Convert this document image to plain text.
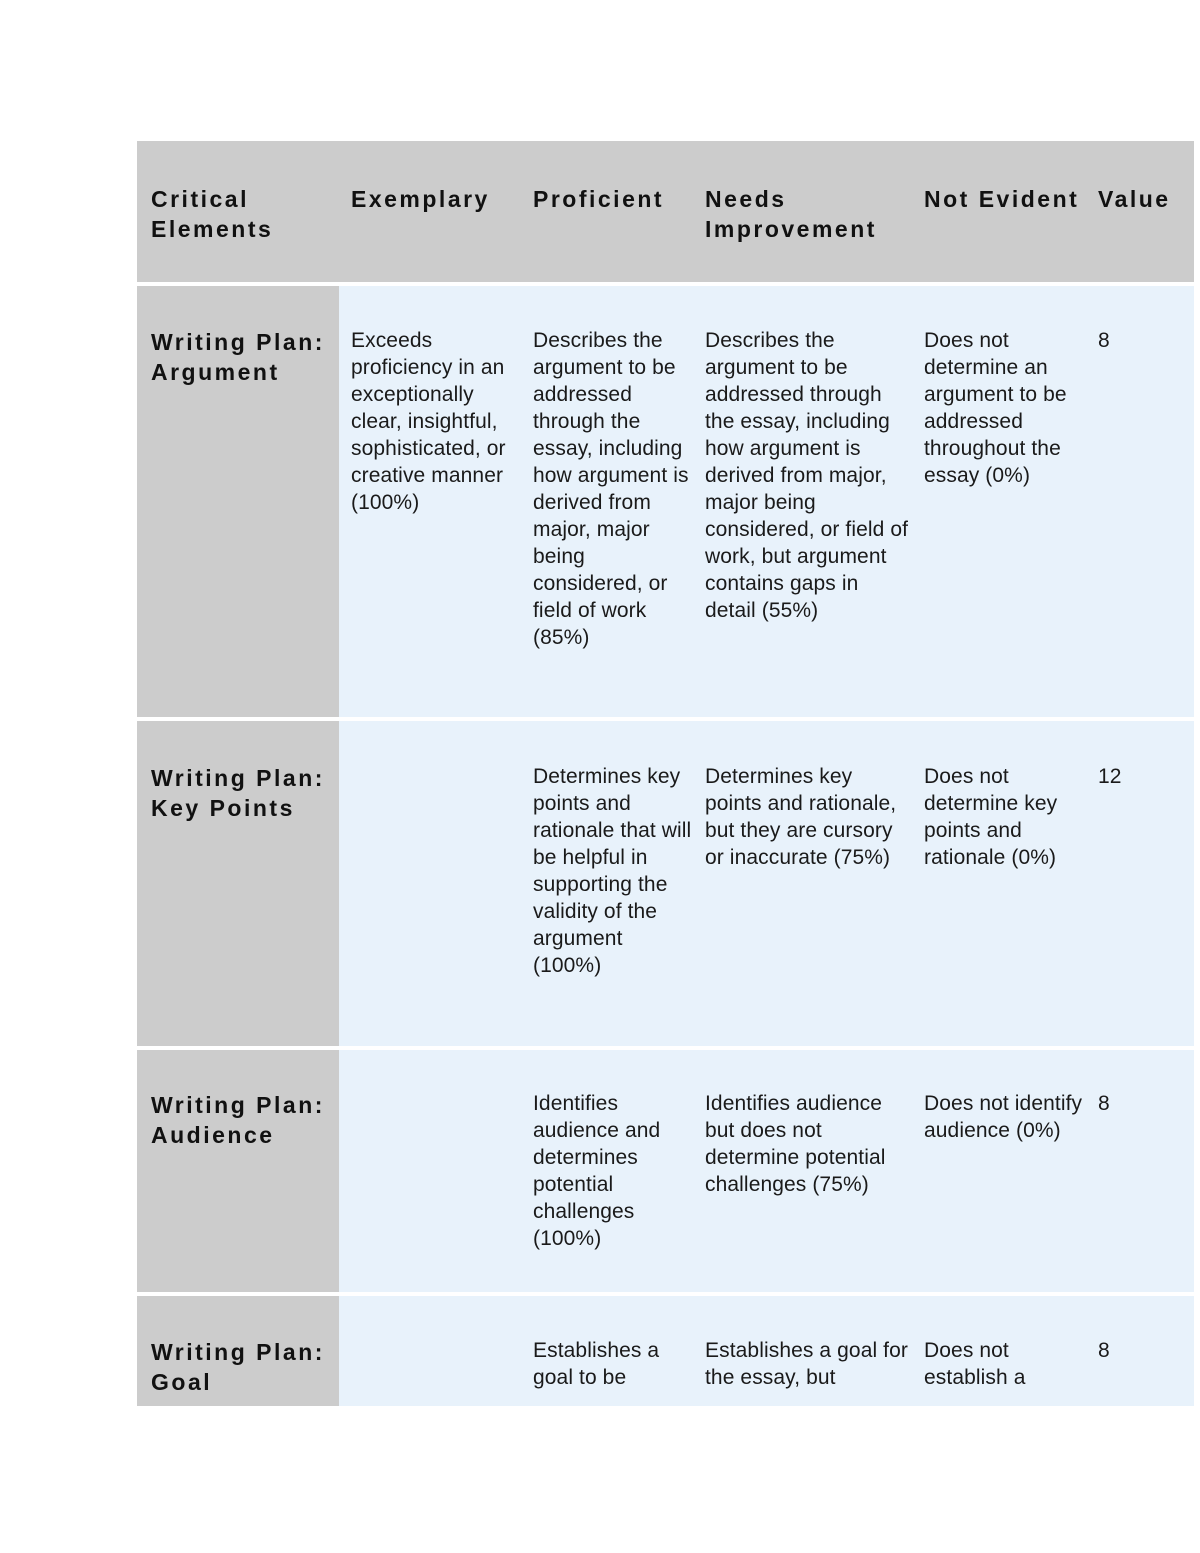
Critical Elements
Exemplary	Proficient	Needs Improvement
Not Evident Value
Writing Plan: Argument
Exceeds proficiency in an exceptionally clear, insightful, sophisticated, or creative manner (100%)
Describes the argument to be addressed through the essay, including how argument is derived from major, major being considered, or field of work (85%)
Describes the argument to be addressed through the essay, including how argument is derived from major, major being considered, or field of work, but argument contains gaps in detail (55%)
Does not determine an argument to be addressed throughout the essay (0%)
8
Writing Plan: Key Points
Determines key points and rationale that will be helpful in supporting the validity of the argument (100%)
Determines key points and rationale, but they are cursory or inaccurate (75%)
Does not determine key points and rationale (0%)
12
Writing Plan: Audience
Identifies audience and determines potential challenges (100%)
Identifies audience but does not determine potential challenges (75%)
Does not identify audience (0%)
8
Writing Plan: Goal
Establishes a goal to be
Establishes a goal for the essay, but
Does not establish a
8
